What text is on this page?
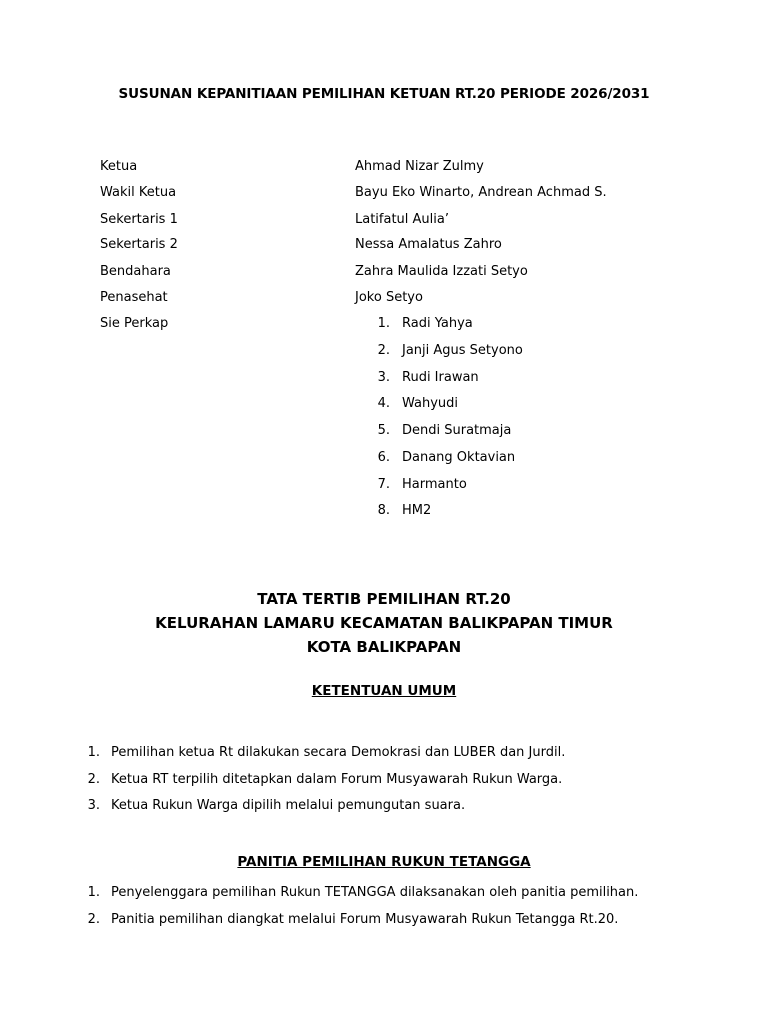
SUSUNAN KEPANITIAAN PEMILIHAN KETUAN RT.20 PERIODE 2026/2031
Ketua	Ahmad Nizar Zulmy
Wakil Ketua	Bayu Eko Winarto, Andrean Achmad S.
Sekertaris 1	Latifatul Aulia’
Sekertaris 2	Nessa Amalatus Zahro
Bendahara	Zahra Maulida Izzati Setyo
Penasehat	Joko Setyo
Sie Perkap	1. Radi Yahya
2. Janji Agus Setyono
3. Rudi Irawan
4. Wahyudi
5. Dendi Suratmaja
6. Danang Oktavian
7. Harmanto
8. HM2
TATA TERTIB PEMILIHAN RT.20
KELURAHAN LAMARU KECAMATAN BALIKPAPAN TIMUR
KOTA BALIKPAPAN
KETENTUAN UMUM
1. Pemilihan ketua Rt dilakukan secara Demokrasi dan LUBER dan Jurdil.
2. Ketua RT terpilih ditetapkan dalam Forum Musyawarah Rukun Warga.
3. Ketua Rukun Warga dipilih melalui pemungutan suara.
PANITIA PEMILIHAN RUKUN TETANGGA
1. Penyelenggara pemilihan Rukun TETANGGA dilaksanakan oleh panitia pemilihan.
2. Panitia pemilihan diangkat melalui Forum Musyawarah Rukun Tetangga Rt.20.
